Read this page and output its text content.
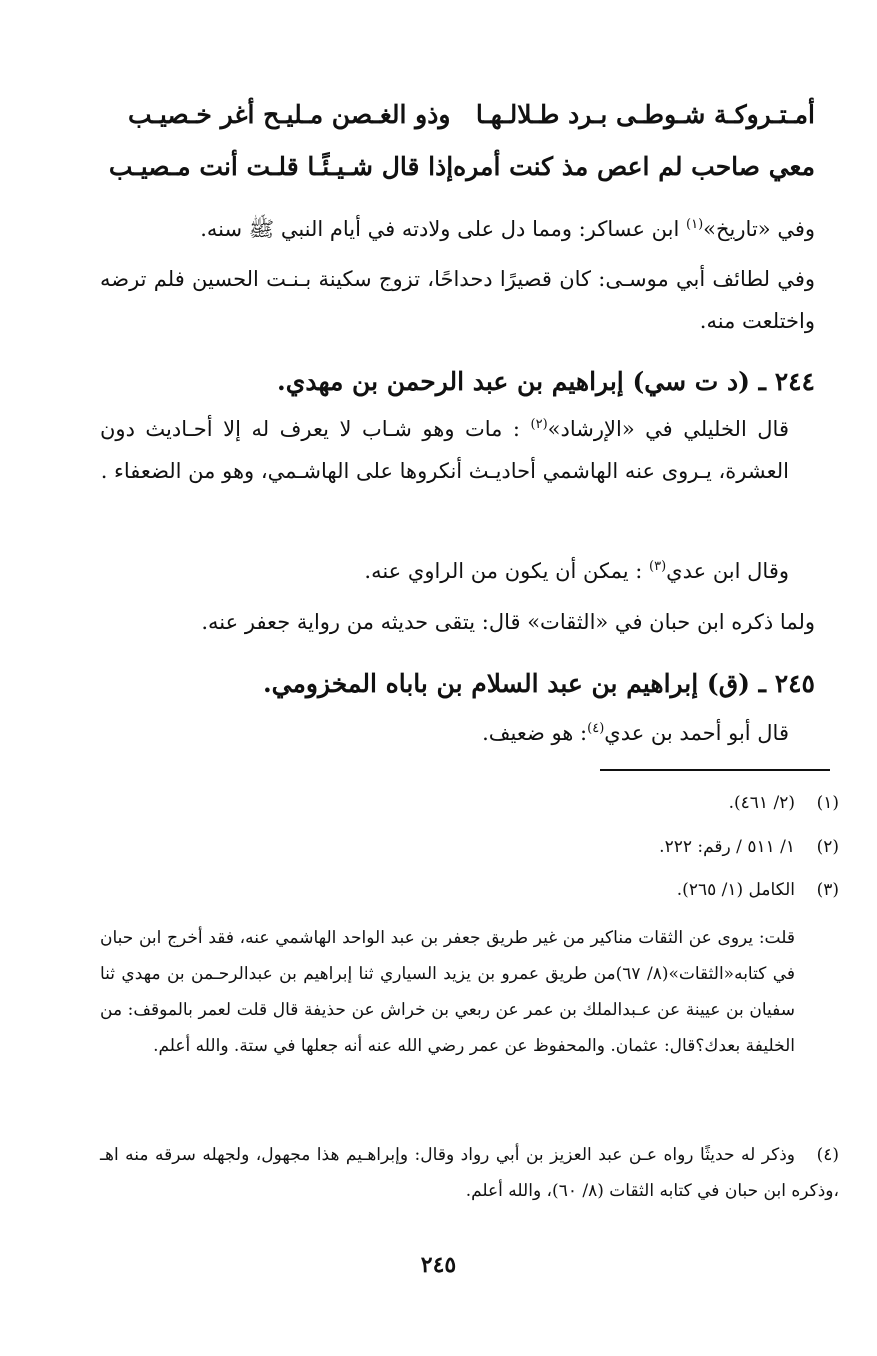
أمـتـروكـة شـوطـى بـرد طـلالـهـا
وذو الغـصن مـليـح أغر خـصيـب
معي صاحب لم اعص مذ كنت أمره
إذا قال شـيـئًـا قلـت أنت مـصيـب
وفي «تاريخ»$^{(١)}$ ابن عساكر: ومما دل على ولادته في أيام النبي ﷺ سنه.
وفي لطائف أبي موسـى: كان قصيرًا دحداحًا، تزوج سكينة بـنـت الحسين فلم ترضه واختلعت منه.
٢٤٤ ـ (د ت سي) إبراهيم بن عبد الرحمن بن مهدي.
قال الخليلي في «الإرشاد»$^{(٢)}$ : مات وهو شـاب لا يعرف له إلا أحـاديث دون العشرة، يـروى عنه الهاشمي أحاديـث أنكروها على الهاشـمي، وهو من الضعفاء .
وقال ابن عدي$^{(٣)}$ : يمكن أن يكون من الراوي عنه.
ولما ذكره ابن حبان في «الثقات» قال: يتقى حديثه من رواية جعفر عنه.
٢٤٥ ـ (ق) إبراهيم بن عبد السلام بن باباه المخزومي.
قال أبو أحمد بن عدي$^{(٤)}$: هو ضعيف.
(١)(٢/ ٤٦١).
(٢)١/ ٥١١ / رقم: ٢٢٢.
(٣)الكامل (١/ ٢٦٥).
قلت: يروى عن الثقات مناكير من غير طريق جعفر بن عبد الواحد الهاشمي عنه، فقد أخرج ابن حبان في كتابه«الثقات»(٨/ ٦٧)من طريق عمرو بن يزيد السياري ثنا إبراهيم بن عبدالرحـمن بن مهدي ثنا سفيان بن عيينة عن عـبدالملك بن عمر عن ربعي بن خراش عن حذيفة قال قلت لعمر بالموقف: من الخليفة بعدك؟قال: عثمان. والمحفوظ عن عمر رضي الله عنه أنه جعلها في ستة. والله أعلم.
(٤)وذكر له حديثًا رواه عـن عبد العزيز بن أبي رواد وقال: وإبراهـيم هذا مجهول، ولجهله سرقه منه اهـ ،وذكره ابن حبان في كتابه الثقات (٨/ ٦٠)، والله أعلم.
٢٤٥
